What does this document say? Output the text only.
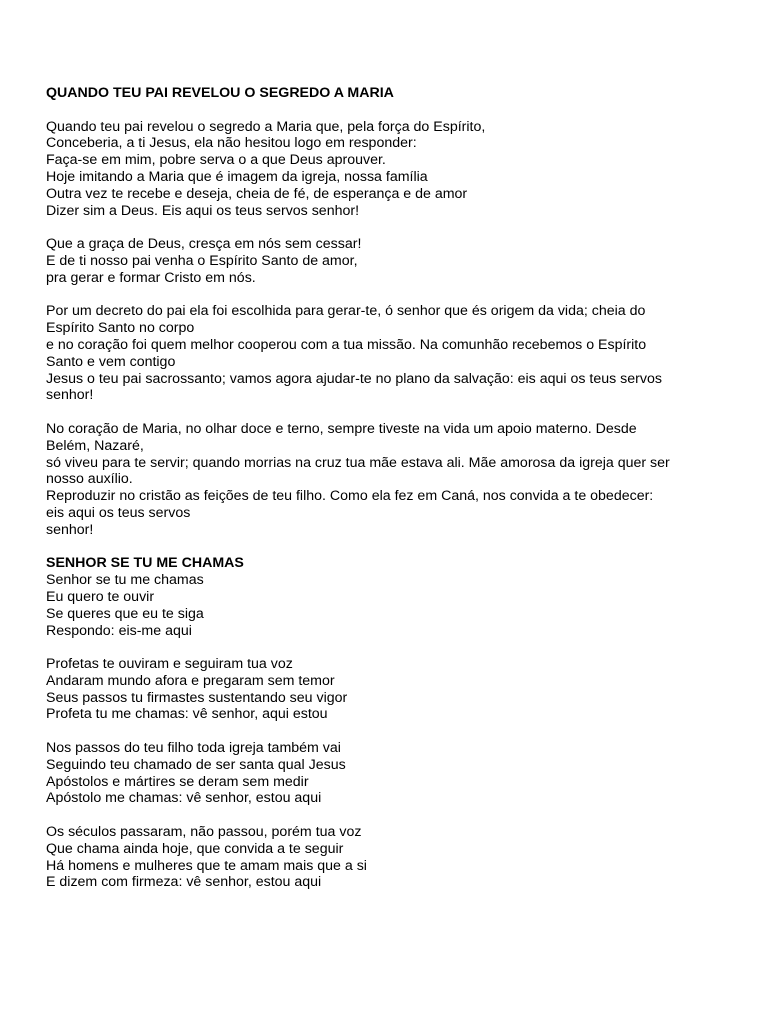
QUANDO TEU PAI REVELOU O SEGREDO A MARIA
Quando teu pai revelou o segredo a Maria que, pela força do Espírito,
Conceberia, a ti Jesus, ela não hesitou logo em responder:
Faça-se em mim, pobre serva o a que Deus aprouver.
Hoje imitando a Maria que é imagem da igreja, nossa família
Outra vez te recebe e deseja, cheia de fé, de esperança e de amor
Dizer sim a Deus. Eis aqui os teus servos senhor!
Que a graça de Deus, cresça em nós sem cessar!
E de ti nosso pai venha o Espírito Santo de amor,
pra gerar e formar Cristo em nós.
Por um decreto do pai ela foi escolhida para gerar-te, ó senhor que és origem da vida; cheia do
Espírito Santo no corpo
e no coração foi quem melhor cooperou com a tua missão. Na comunhão recebemos o Espírito
Santo e vem contigo
Jesus o teu pai sacrossanto; vamos agora ajudar-te no plano da salvação: eis aqui os teus servos
senhor!
No coração de Maria, no olhar doce e terno, sempre tiveste na vida um apoio materno. Desde
Belém, Nazaré,
só viveu para te servir; quando morrias na cruz tua mãe estava ali. Mãe amorosa da igreja quer ser
nosso auxílio.
Reproduzir no cristão as feições de teu filho. Como ela fez em Caná, nos convida a te obedecer:
eis aqui os teus servos
senhor!
SENHOR SE TU ME CHAMAS
Senhor se tu me chamas
Eu quero te ouvir
Se queres que eu te siga
Respondo: eis-me aqui
Profetas te ouviram e seguiram tua voz
Andaram mundo afora e pregaram sem temor
Seus passos tu firmastes sustentando seu vigor
Profeta tu me chamas: vê senhor, aqui estou
Nos passos do teu filho toda igreja também vai
Seguindo teu chamado de ser santa qual Jesus
Apóstolos e mártires se deram sem medir
Apóstolo me chamas: vê senhor, estou aqui
Os séculos passaram, não passou, porém tua voz
Que chama ainda hoje, que convida a te seguir
Há homens e mulheres que te amam mais que a si
E dizem com firmeza: vê senhor, estou aqui
